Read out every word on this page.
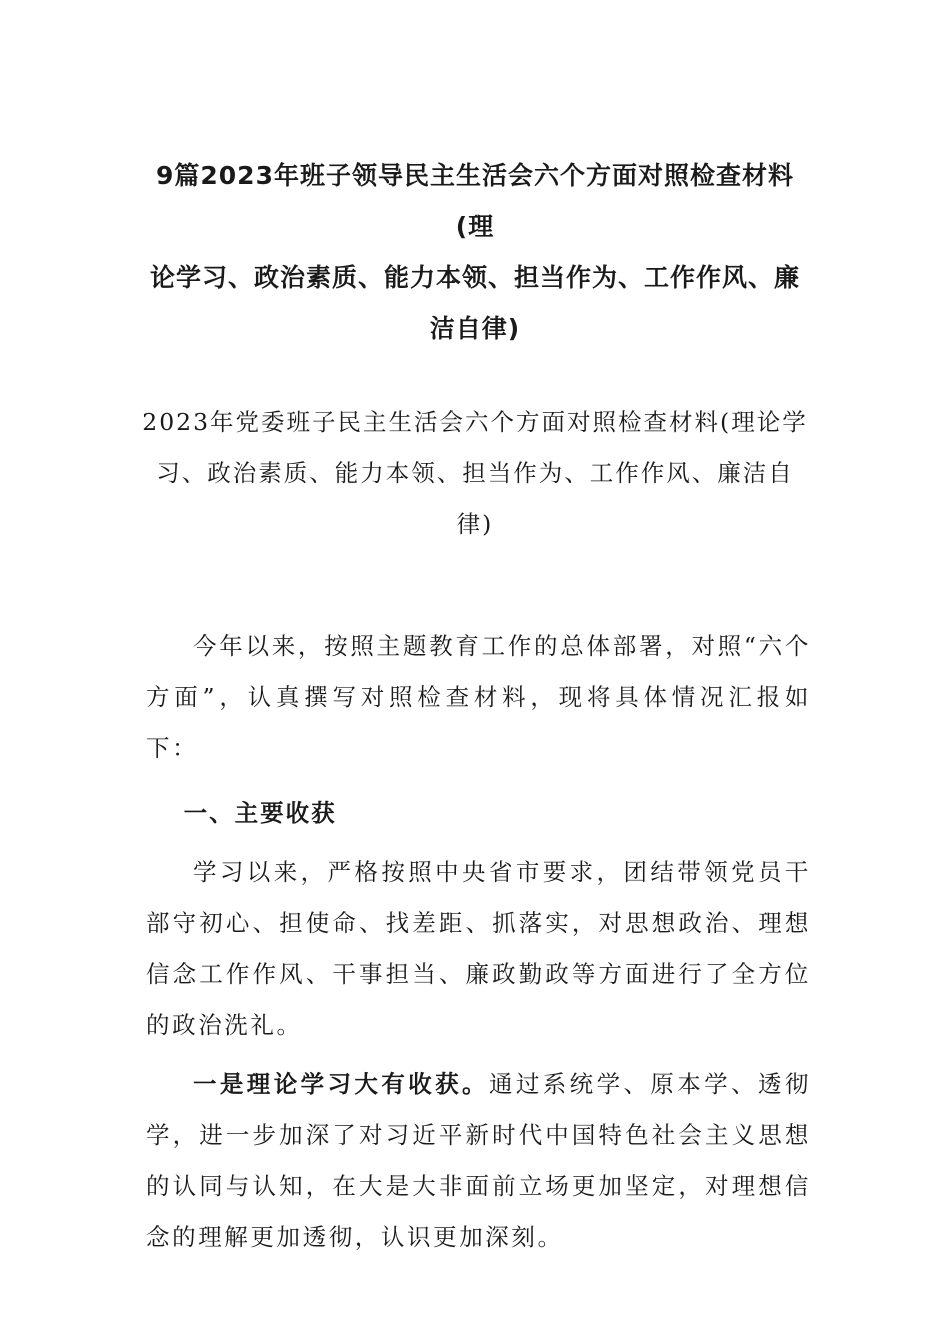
9篇2023年班子领导民主生活会六个方面对照检查材料(理
论学习、政治素质、能力本领、担当作为、工作作风、廉
洁自律)
2023年党委班子民主生活会六个方面对照检查材料(理论学
习、政治素质、能力本领、担当作为、工作作风、廉洁自
律)

今年以来，按照主题教育工作的总体部署，对照“六个方面”，认真撰写对照检查材料，现将具体情况汇报如下：

一、主要收获

学习以来，严格按照中央省市要求，团结带领党员干部守初心、担使命、找差距、抓落实，对思想政治、理想信念工作作风、干事担当、廉政勤政等方面进行了全方位的政治洗礼。

一是理论学习大有收获。通过系统学、原本学、透彻学，进一步加深了对习近平新时代中国特色社会主义思想的认同与认知，在大是大非面前立场更加坚定，对理想信念的理解更加透彻，认识更加深刻。
